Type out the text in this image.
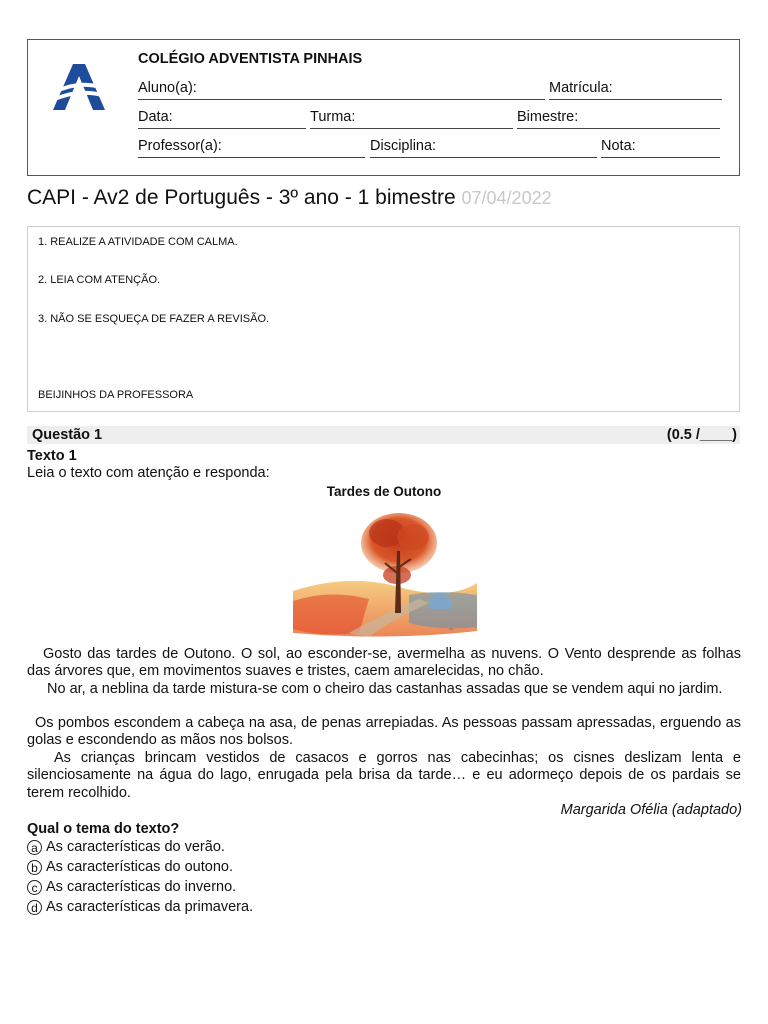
COLÉGIO ADVENTISTA PINHAIS
Aluno(a):	Matrícula:
Data:	Turma:	Bimestre:
Professor(a):	Disciplina:	Nota:
CAPI - Av2 de Português - 3º ano - 1 bimestre 07/04/2022
1. REALIZE A ATIVIDADE COM CALMA.
2. LEIA COM ATENÇÃO.
3. NÃO SE ESQUEÇA DE FAZER A REVISÃO.
BEIJINHOS DA PROFESSORA
Questão 1	(0.5 /____)
Texto 1
Leia o texto com atenção e responda:
Tardes de Outono
~
Gosto das tardes de Outono. O sol, ao esconder-se, avermelha as nuvens. O Vento desprende as folhas das árvores que, em movimentos suaves e tristes, caem amarelecidas, no chão.
No ar, a neblina da tarde mistura-se com o cheiro das castanhas assadas que se vendem aqui no jardim.
Os pombos escondem a cabeça na asa, de penas arrepiadas. As pessoas passam apressadas, erguendo as golas e escondendo as mãos nos bolsos.
As crianças brincam vestidos de casacos e gorros nas cabecinhas; os cisnes deslizam lenta e silenciosamente na água do lago, enrugada pela brisa da tarde… e eu adormeço depois de os pardais se terem recolhido.
Margarida Ofélia (adaptado)
Qual o tema do texto?
a As características do verão.
b As características do outono.
c As características do inverno.
d As características da primavera.
